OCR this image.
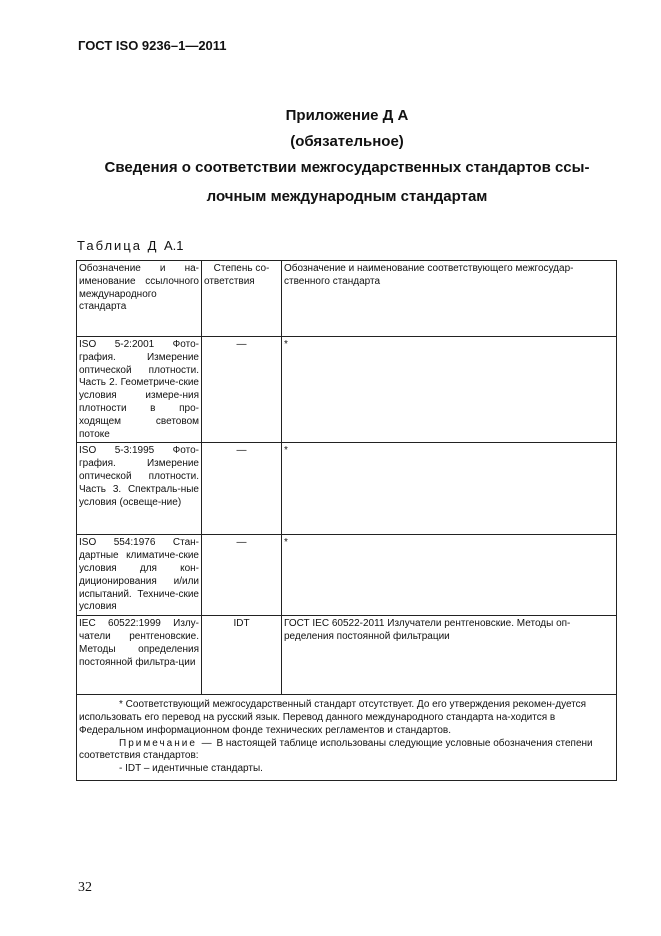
ГОСТ ISO 9236–1—2011
Приложение Д А
(обязательное)
Сведения о соответствии межгосударственных стандартов ссы-
лочным международным стандартам
Таблица Д А.1
Обозначение и на-именование ссылочного международного стандарта	Степень со-ответствия	Обозначение и наименование соответствующего межгосудар-ственного стандарта
ISO 5-2:2001 Фото-графия. Измерение оптической плотности. Часть 2. Геометриче-ские условия измере-ния плотности в про-ходящем световом потоке	—	*
ISO 5-3:1995 Фото-графия. Измерение оптической плотности. Часть 3. Спектраль-ные условия (освеще-ние)	—	*
ISO 554:1976 Стан-дартные климатиче-ские условия для кон-диционирования и/или испытаний. Техниче-ские условия	—	*
IEC 60522:1999 Излу-чатели рентгеновские. Методы определения постоянной фильтра-ции	IDT	ГОСТ IEC 60522-2011 Излучатели рентгеновские. Методы оп-ределения постоянной фильтрации

* Соответствующий межгосударственный стандарт отсутствует. До его утверждения рекомен-дуется использовать его перевод на русский язык. Перевод данного международного стандарта на-ходится в Федеральном информационном фонде технических регламентов и стандартов.

Примечание — В настоящей таблице использованы следующие условные обозначения степени соответствия стандартов:

- IDT – идентичные стандарты.		

32
